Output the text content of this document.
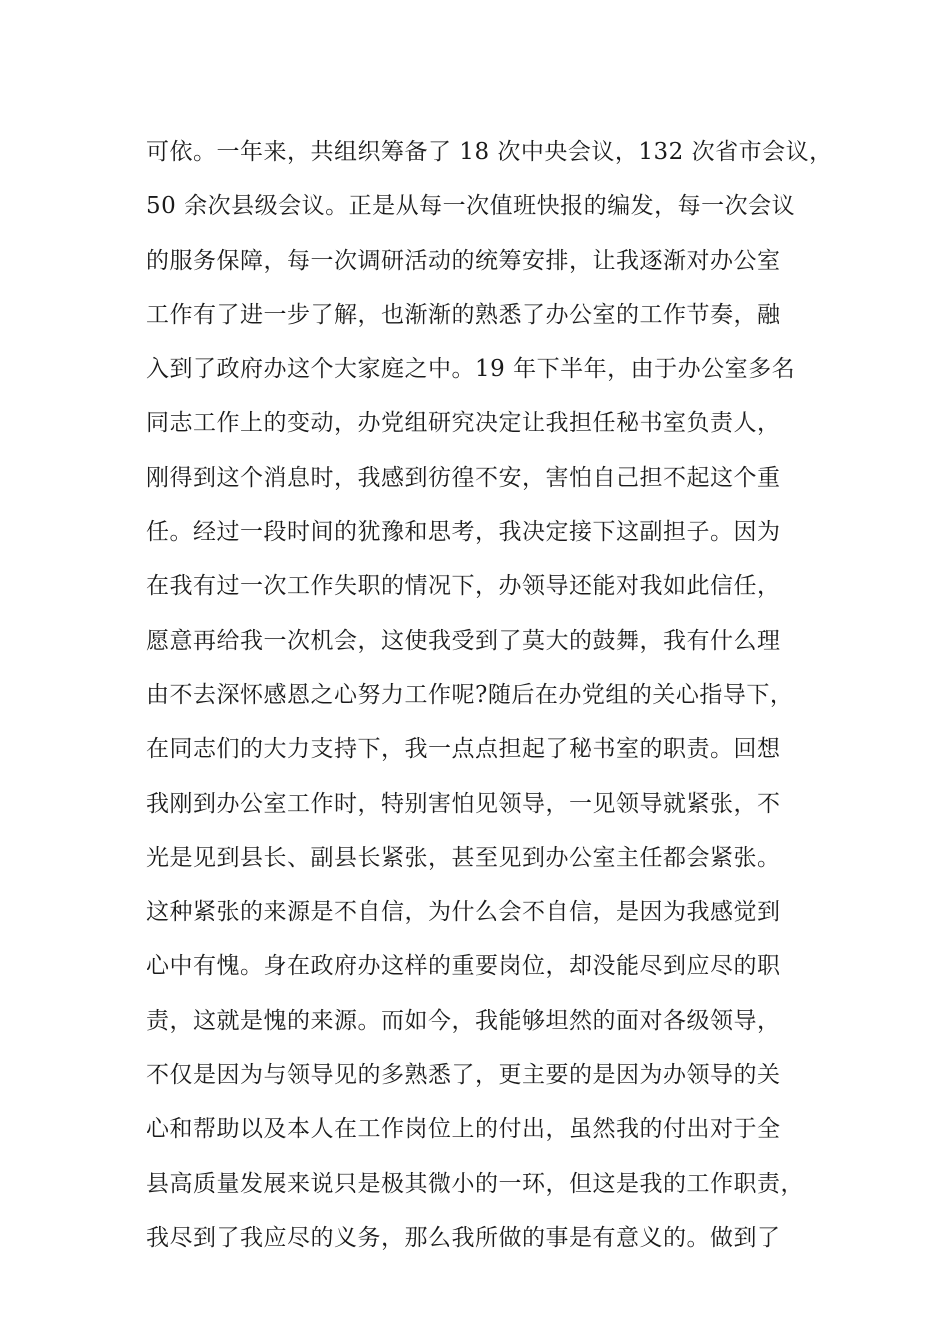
可依。一年来，共组织筹备了 18 次中央会议，132 次省市会议，
50 余次县级会议。正是从每一次值班快报的编发，每一次会议
的服务保障，每一次调研活动的统筹安排，让我逐渐对办公室
工作有了进一步了解，也渐渐的熟悉了办公室的工作节奏，融
入到了政府办这个大家庭之中。19 年下半年，由于办公室多名
同志工作上的变动，办党组研究决定让我担任秘书室负责人，
刚得到这个消息时，我感到彷徨不安，害怕自己担不起这个重
任。经过一段时间的犹豫和思考，我决定接下这副担子。因为
在我有过一次工作失职的情况下，办领导还能对我如此信任，
愿意再给我一次机会，这使我受到了莫大的鼓舞，我有什么理
由不去深怀感恩之心努力工作呢?随后在办党组的关心指导下，
在同志们的大力支持下，我一点点担起了秘书室的职责。回想
我刚到办公室工作时，特别害怕见领导，一见领导就紧张，不
光是见到县长、副县长紧张，甚至见到办公室主任都会紧张。
这种紧张的来源是不自信，为什么会不自信，是因为我感觉到
心中有愧。身在政府办这样的重要岗位，却没能尽到应尽的职
责，这就是愧的来源。而如今，我能够坦然的面对各级领导，
不仅是因为与领导见的多熟悉了，更主要的是因为办领导的关
心和帮助以及本人在工作岗位上的付出，虽然我的付出对于全
县高质量发展来说只是极其微小的一环，但这是我的工作职责，
我尽到了我应尽的义务，那么我所做的事是有意义的。做到了
